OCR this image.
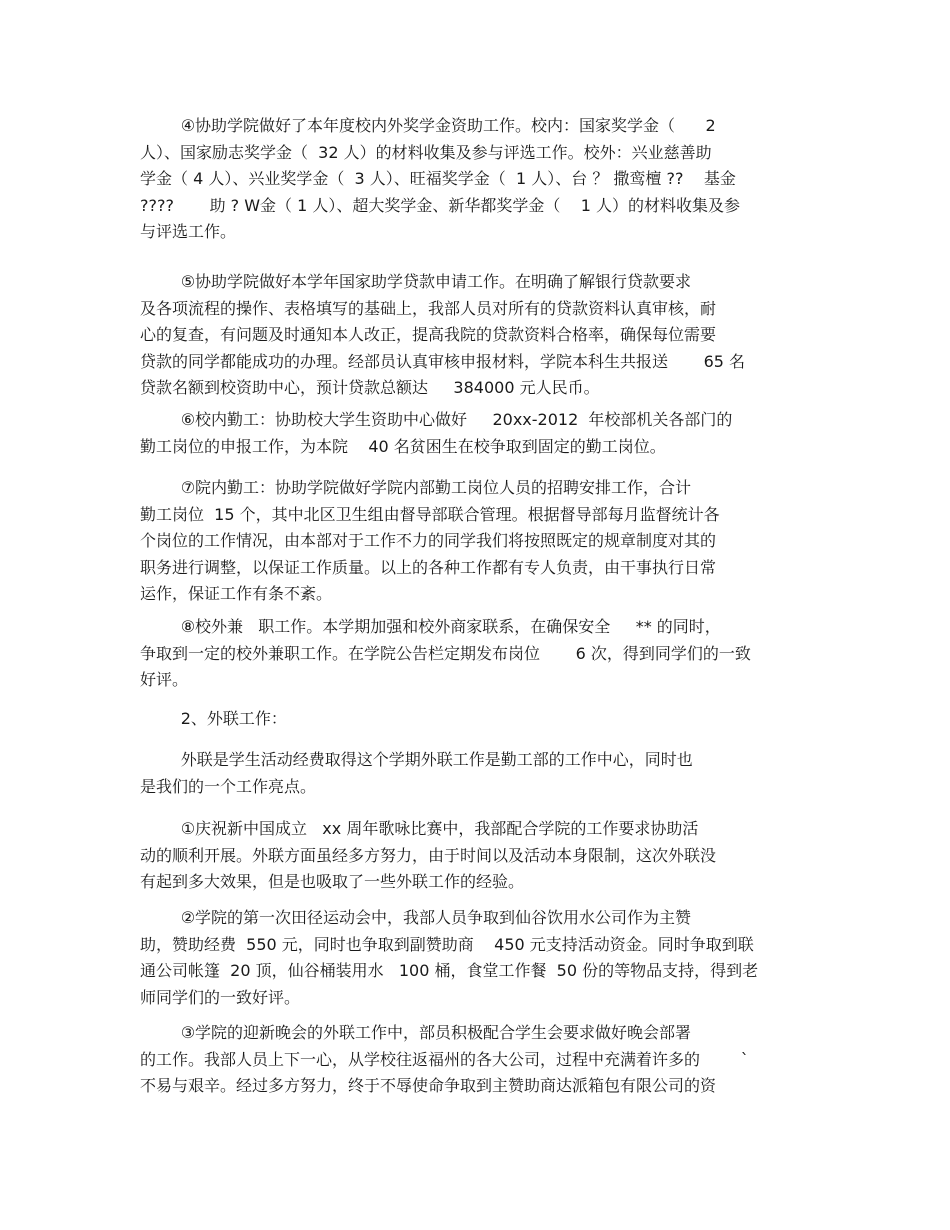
④协助学院做好了本年度校内外奖学金资助工作。校内：国家奖学金（      2
人）、国家励志奖学金（  32 人）的材料收集及参与评选工作。校外：兴业慈善助
学金（ 4 人）、兴业奖学金（  3 人）、旺福奖学金（  1 人）、台 ？ 撒鸾檀 ??    基金
????       助 ? W金（ 1 人）、超大奖学金、新华都奖学金（    1 人）的材料收集及参
与评选工作。
⑤协助学院做好本学年国家助学贷款申请工作。在明确了解银行贷款要求
及各项流程的操作、表格填写的基础上，我部人员对所有的贷款资料认真审核，耐
心的复查，有问题及时通知本人改正，提高我院的贷款资料合格率，确保每位需要
贷款的同学都能成功的办理。经部员认真审核申报材料，学院本科生共报送       65 名
贷款名额到校资助中心，预计贷款总额达     384000 元人民币。
⑥校内勤工：协助校大学生资助中心做好     20xx-2012  年校部机关各部门的
勤工岗位的申报工作，为本院    40 名贫困生在校争取到固定的勤工岗位。
⑦院内勤工：协助学院做好学院内部勤工岗位人员的招聘安排工作，合计
勤工岗位  15 个，其中北区卫生组由督导部联合管理。根据督导部每月监督统计各
个岗位的工作情况，由本部对于工作不力的同学我们将按照既定的规章制度对其的
职务进行调整，以保证工作质量。以上的各种工作都有专人负责，由干事执行日常
运作，保证工作有条不紊。
⑧校外兼   职工作。本学期加强和校外商家联系，在确保安全     ** 的同时，
争取到一定的校外兼职工作。在学院公告栏定期发布岗位       6 次，得到同学们的一致
好评。
2、外联工作：
外联是学生活动经费取得这个学期外联工作是勤工部的工作中心，同时也
是我们的一个工作亮点。
①庆祝新中国成立   xx 周年歌咏比赛中，我部配合学院的工作要求协助活
动的顺利开展。外联方面虽经多方努力，由于时间以及活动本身限制，这次外联没
有起到多大效果，但是也吸取了一些外联工作的经验。
②学院的第一次田径运动会中，我部人员争取到仙谷饮用水公司作为主赞
助，赞助经费  550 元，同时也争取到副赞助商    450 元支持活动资金。同时争取到联
通公司帐篷  20 顶，仙谷桶装用水   100 桶，食堂工作餐  50 份的等物品支持，得到老
师同学们的一致好评。
③学院的迎新晚会的外联工作中，部员积极配合学生会要求做好晚会部署
的工作。我部人员上下一心，从学校往返福州的各大公司，过程中充满着许多的        `
不易与艰辛。经过多方努力，终于不辱使命争取到主赞助商达派箱包有限公司的资
